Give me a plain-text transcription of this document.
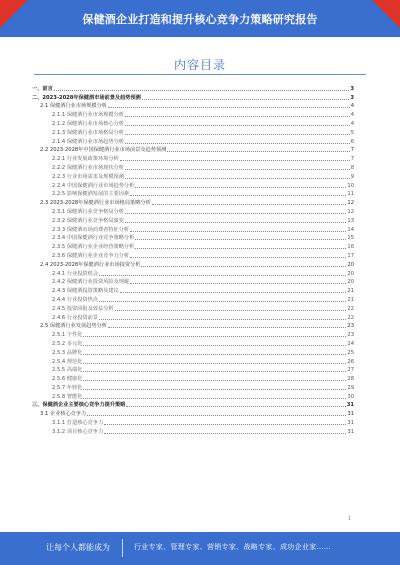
保健酒企业打造和提升核心竞争力策略研究报告
内容目录
一、前言	3
二、2023-2028年保健酒市场前景及趋势预测	3
2.1 保健酒行业市场规模分析	4
2.1.1 保健酒行业市场规模分析	4
2.1.2 保健酒行业市场核心分析	4
2.1.3 保健酒行业市场格局分析	5
2.1.4 保健酒行业市场趋势分析	6
2.2 2023-2028年中国保健酒行业市场前景及趋势预测	7
2.2.1 行业发展政策环境分析	7
2.2.2 保健酒行业市场现状分析	8
2.2.3 行业市场需求及规模预测	9
2.2.4 中国保健酒行业市场趋势分析	10
2.2.5 影响保健酒发展的主要因素	11
2.3 2023-2028年保健酒行业市场格局策略分析	12
2.3.1 保健酒行业竞争格局分析	12
2.3.2 保健酒行业竞争格局演变	13
2.3.3 保健酒市场消费者特征分析	14
2.3.4 中国保健酒行业竞争策略分析	15
2.3.5 保健酒行业企业经营策略分析	16
2.3.6 保健酒行业企业竞争力分析	17
2.4 2023-2028年保健酒行业市场投资分析	20
2.4.1 行业投资机会	20
2.4.2 保健酒行业投资风险及规避	20
2.4.3 保健酒投资策略及建议	21
2.4.4 行业投资热点	21
2.4.5 投资回报及效益分析	22
2.4.6 行业投资前景	22
2.5 保健酒行业发展趋势分析	23
2.5.1 个性化	23
2.5.2 多元化	24
2.5.3 品牌化	25
2.5.4 规范化	26
2.5.5 高端化	27
2.5.6 健康化	28
2.5.7 年轻化	29
2.5.8 智能化	30
三、保健酒企业主要核心竞争力提升策略	31
3.1 企业核心竞争力	31
3.1.1 打造核心竞争力	31
3.1.2 项目核心竞争力	31
1
让每个人都能成为	行业专家、管理专家、营销专家、战略专家、成功企业家……
